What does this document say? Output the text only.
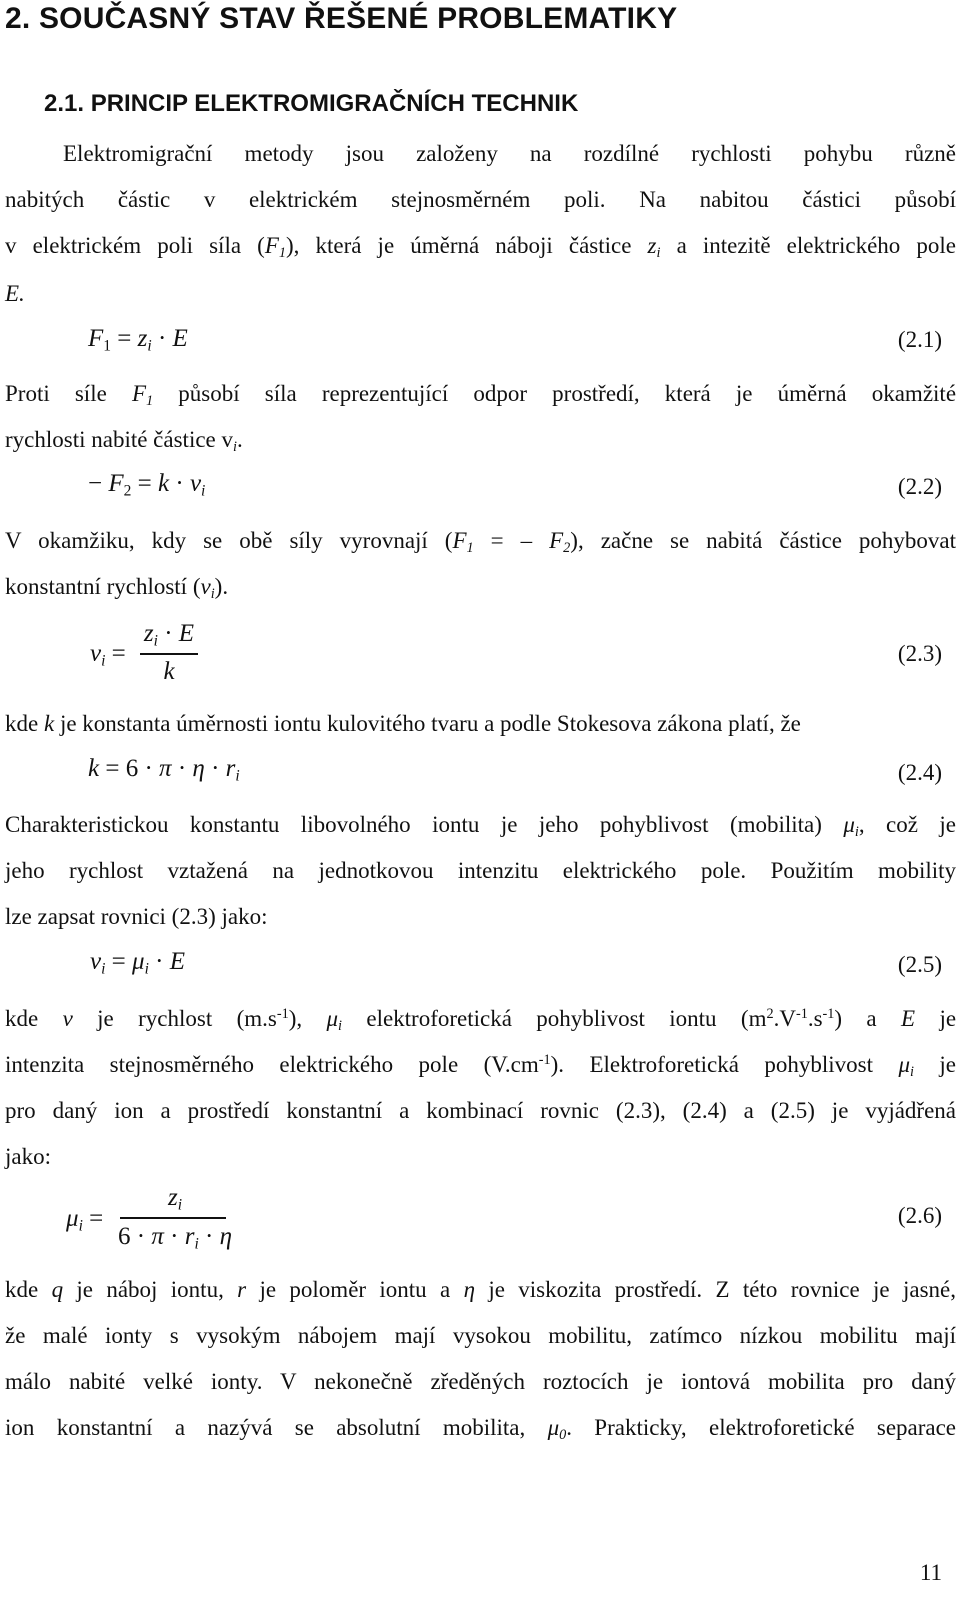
2. SOUČASNÝ STAV ŘEŠENÉ PROBLEMATIKY
2.1. PRINCIP ELEKTROMIGRAČNÍCH TECHNIK
Elektromigrační metody jsou založeny na rozdílné rychlosti pohybu různě
nabitých částic v elektrickém stejnosměrném poli. Na nabitou částici působí
v elektrickém poli síla $(F_1)$, která je úměrná náboji částice $z_i$ a intezitě elektrického pole
E.
$F_1 = z_i \cdot E$	(2.1)
Proti síle $F_1$ působí síla reprezentující odpor prostředí, která je úměrná okamžité
rychlosti nabité částice $v_i$.
− $F_2 = k \cdot \nu_i$	(2.2)
V okamžiku, kdy se obě síly vyrovnají ($F_1$ = – $F_2$), začne se nabitá částice pohybovat
konstantní rychlostí $(v_i)$.
$\nu_i$ =
$z_i \cdot E$
k
(2.3)
kde k je konstanta úměrnosti iontu kulovitého tvaru a podle Stokesova zákona platí, že
$k = 6 \cdot \pi \cdot \eta \cdot r_i$	(2.4)
Charakteristickou konstantu libovolného iontu je jeho pohyblivost (mobilita) $\mu_i$, což je
jeho rychlost vztažená na jednotkovou intenzitu elektrického pole. Použitím mobility
lze zapsat rovnici (2.3) jako:
$\nu_i = \mu_i \cdot E$	(2.5)
kde v je rychlost $(m.s^{-1})$, $\mu_i$ elektroforetická pohyblivost iontu $(m^2.V^{-1}.s^{-1})$ a E je
intenzita stejnosměrného elektrického pole $(V.cm^{-1})$. Elektroforetická pohyblivost $\mu_i$ je
pro daný ion a prostředí konstantní a kombinací rovnic (2.3), (2.4) a (2.5) je vyjádřená
jako:
$\mu_i$ =
$z_i$
$6 \cdot \pi \cdot r_i \cdot \eta$
(2.6)
kde q je náboj iontu, r je poloměr iontu a η je viskozita prostředí. Z této rovnice je jasné,
že malé ionty s vysokým nábojem mají vysokou mobilitu, zatímco nízkou mobilitu mají
málo nabité velké ionty. V nekonečně zředěných roztocích je iontová mobilita pro daný
ion konstantní a nazývá se absolutní mobilita, $\mu_0$. Prakticky, elektroforetické separace
11
